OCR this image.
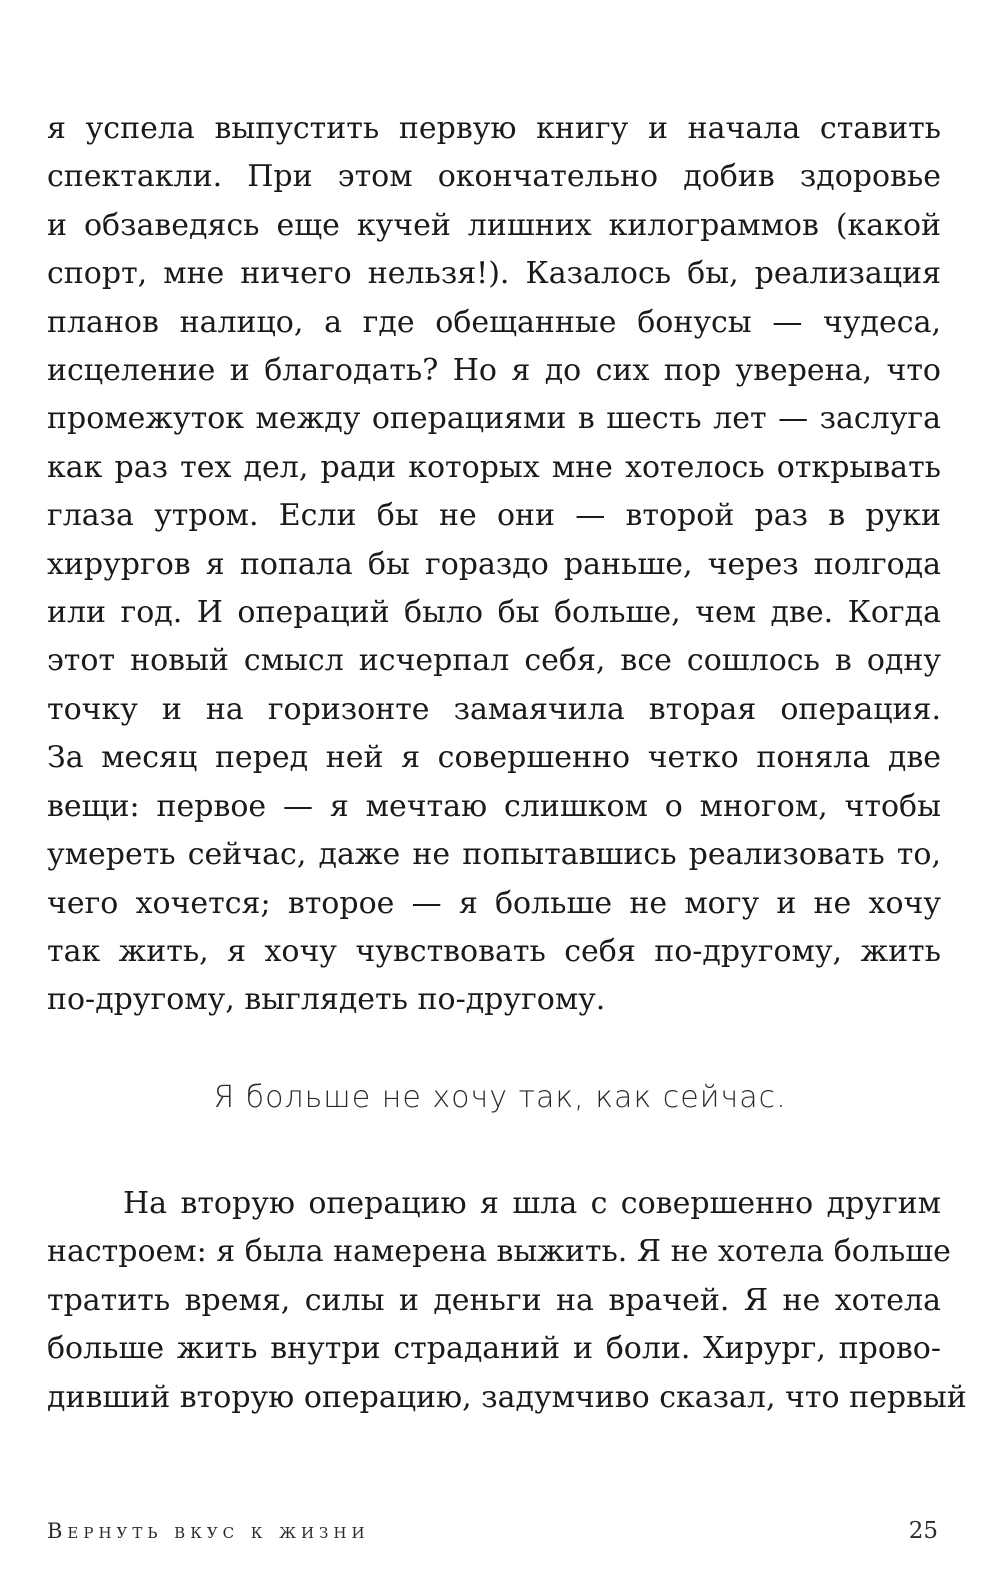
я успела выпустить первую книгу и начала ставить
спектакли. При этом окончательно добив здоровье
и обзаведясь еще кучей лишних килограммов (какой
спорт, мне ничего нельзя!). Казалось бы, реализация
планов налицо, а где обещанные бонусы — чудеса,
исцеление и благодать? Но я до сих пор уверена, что
промежуток между операциями в шесть лет — заслуга
как раз тех дел, ради которых мне хотелось открывать
глаза утром. Если бы не они — второй раз в руки
хирургов я попала бы гораздо раньше, через полгода
или год. И операций было бы больше, чем две. Когда
этот новый смысл исчерпал себя, все сошлось в одну
точку и на горизонте замаячила вторая операция.
За месяц перед ней я совершенно четко поняла две
вещи: первое — я мечтаю слишком о многом, чтобы
умереть сейчас, даже не попытавшись реализовать то,
чего хочется; второе — я больше не могу и не хочу
так жить, я хочу чувствовать себя по-другому, жить
по-другому, выглядеть по-другому.
Я больше не хочу так, как сейчас.
На вторую операцию я шла с совершенно другим
настроем: я была намерена выжить. Я не хотела больше
тратить время, силы и деньги на врачей. Я не хотела
больше жить внутри страданий и боли. Хирург, прово-
дивший вторую операцию, задумчиво сказал, что первый
Вернуть вкус к жизни	25
